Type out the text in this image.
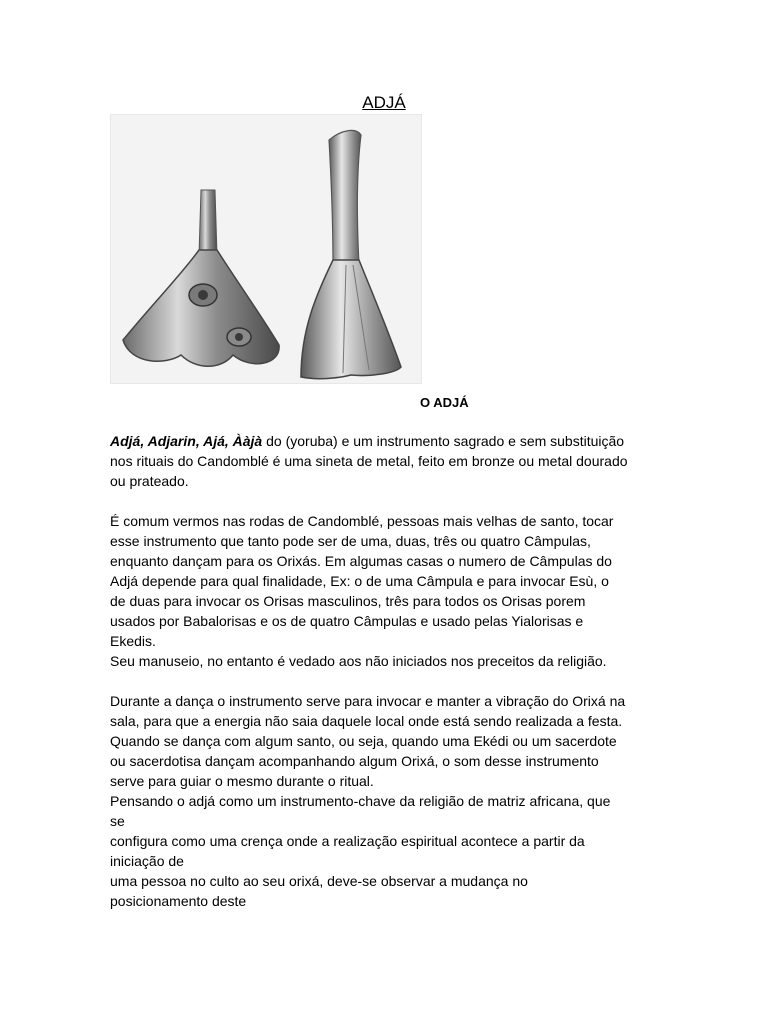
ADJÁ
O ADJÁ
Adjá, Adjarin, Ajá, Ààjà do (yoruba) e um instrumento sagrado e sem substituição
nos rituais do Candomblé é uma sineta de metal, feito em bronze ou metal dourado
ou prateado.
É comum vermos nas rodas de Candomblé, pessoas mais velhas de santo, tocar
esse instrumento que tanto pode ser de uma, duas, três ou quatro Câmpulas,
enquanto dançam para os Orixás. Em algumas casas o numero de Câmpulas do
Adjá depende para qual finalidade, Ex: o de uma Câmpula e para invocar Esù, o
de duas para invocar os Orisas masculinos, três para todos os Orisas porem
usados por Babalorisas e os de quatro Câmpulas e usado pelas Yialorisas e
Ekedis.
Seu manuseio, no entanto é vedado aos não iniciados nos preceitos da religião.
Durante a dança o instrumento serve para invocar e manter a vibração do Orixá na
sala, para que a energia não saia daquele local onde está sendo realizada a festa.
Quando se dança com algum santo, ou seja, quando uma Ekédi ou um sacerdote
ou sacerdotisa dançam acompanhando algum Orixá, o som desse instrumento
serve para guiar o mesmo durante o ritual.
Pensando o adjá como um instrumento-chave da religião de matriz africana, que
se
configura como uma crença onde a realização espiritual acontece a partir da
iniciação de
uma pessoa no culto ao seu orixá, deve-se observar a mudança no
posicionamento deste
